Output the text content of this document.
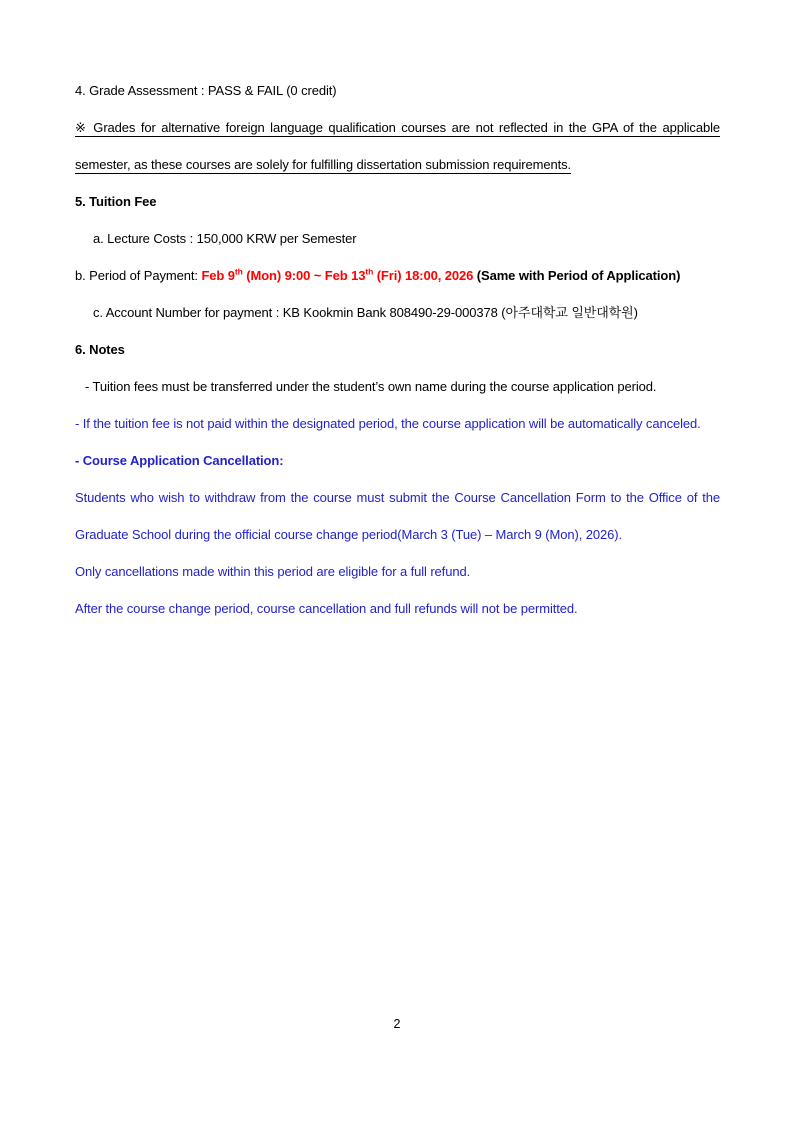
4. Grade Assessment : PASS & FAIL (0 credit)

※ Grades for alternative foreign language qualification courses are not reflected in the GPA of the applicable semester, as these courses are solely for fulfilling dissertation submission requirements.

5. Tuition Fee

a. Lecture Costs : 150,000 KRW per Semester

b. Period of Payment: Feb 9th (Mon) 9:00 ~ Feb 13th (Fri) 18:00, 2026 (Same with Period of Application)

c. Account Number for payment : KB Kookmin Bank 808490-29-000378 (아주대학교 일반대학원)

6. Notes

- Tuition fees must be transferred under the student’s own name during the course application period.

- If the tuition fee is not paid within the designated period, the course application will be automatically canceled.

- Course Application Cancellation:

Students who wish to withdraw from the course must submit the Course Cancellation Form to the Office of the Graduate School during the official course change period(March 3 (Tue) – March 9 (Mon), 2026).

Only cancellations made within this period are eligible for a full refund.

After the course change period, course cancellation and full refunds will not be permitted.

2
